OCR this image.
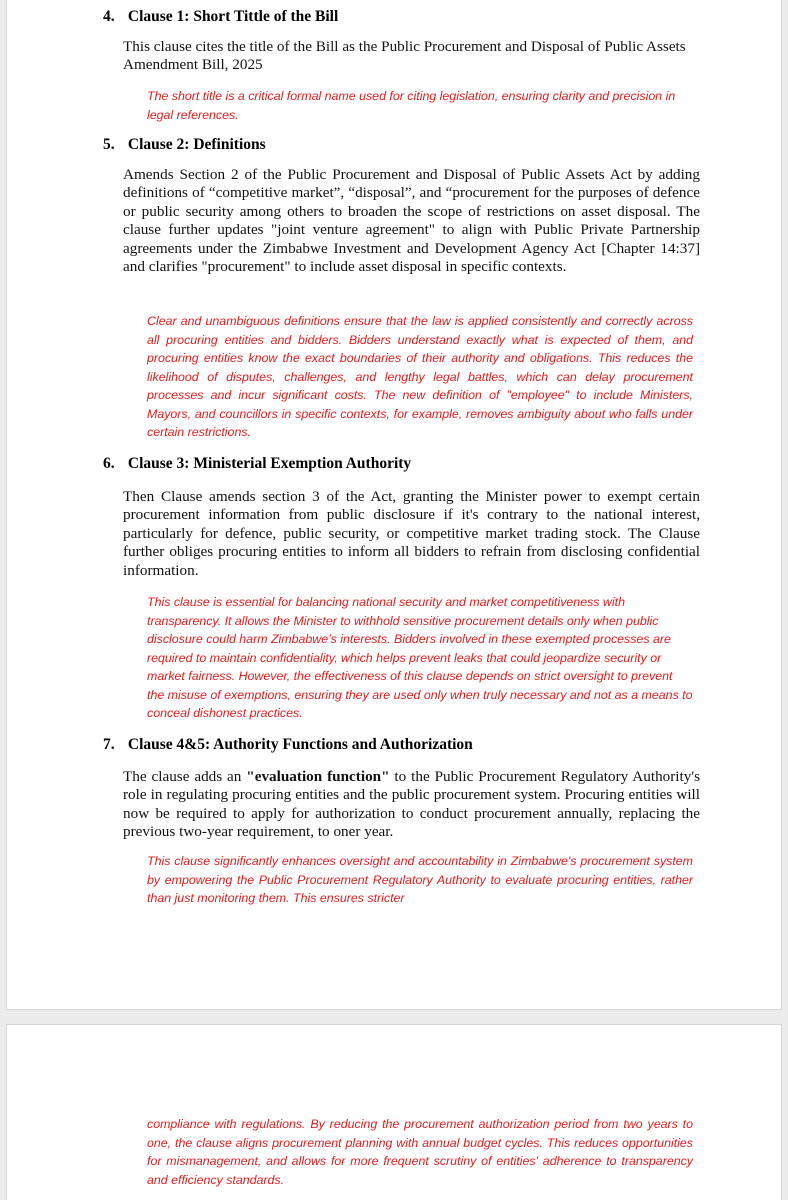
4. Clause 1: Short Tittle of the Bill

This clause cites the title of the Bill as the Public Procurement and Disposal of Public Assets Amendment Bill, 2025

The short title is a critical formal name used for citing legislation, ensuring clarity and precision in legal references.

5. Clause 2: Definitions

Amends Section 2 of the Public Procurement and Disposal of Public Assets Act by adding definitions of “competitive market”, “disposal”, and “procurement for the purposes of defence or public security among others to broaden the scope of restrictions on asset disposal. The clause further updates "joint venture agreement" to align with Public Private Partnership agreements under the Zimbabwe Investment and Development Agency Act [Chapter 14:37] and clarifies "procurement" to include asset disposal in specific contexts.

Clear and unambiguous definitions ensure that the law is applied consistently and correctly across all procuring entities and bidders. Bidders understand exactly what is expected of them, and procuring entities know the exact boundaries of their authority and obligations. This reduces the likelihood of disputes, challenges, and lengthy legal battles, which can delay procurement processes and incur significant costs. The new definition of "employee" to include Ministers, Mayors, and councillors in specific contexts, for example, removes ambiguity about who falls under certain restrictions.

6. Clause 3: Ministerial Exemption Authority

Then Clause amends section 3 of the Act, granting the Minister power to exempt certain procurement information from public disclosure if it's contrary to the national interest, particularly for defence, public security, or competitive market trading stock. The Clause further obliges procuring entities to inform all bidders to refrain from disclosing confidential information.

This clause is essential for balancing national security and market competitiveness with transparency. It allows the Minister to withhold sensitive procurement details only when public disclosure could harm Zimbabwe’s interests. Bidders involved in these exempted processes are required to maintain confidentiality, which helps prevent leaks that could jeopardize security or market fairness. However, the effectiveness of this clause depends on strict oversight to prevent the misuse of exemptions, ensuring they are used only when truly necessary and not as a means to conceal dishonest practices.

7. Clause 4&5: Authority Functions and Authorization

The clause adds an "evaluation function" to the Public Procurement Regulatory Authority's role in regulating procuring entities and the public procurement system. Procuring entities will now be required to apply for authorization to conduct procurement annually, replacing the previous two-year requirement, to oner year.

This clause significantly enhances oversight and accountability in Zimbabwe's procurement system by empowering the Public Procurement Regulatory Authority to evaluate procuring entities, rather than just monitoring them. This ensures stricter

compliance with regulations. By reducing the procurement authorization period from two years to one, the clause aligns procurement planning with annual budget cycles. This reduces opportunities for mismanagement, and allows for more frequent scrutiny of entities' adherence to transparency and efficiency standards.
